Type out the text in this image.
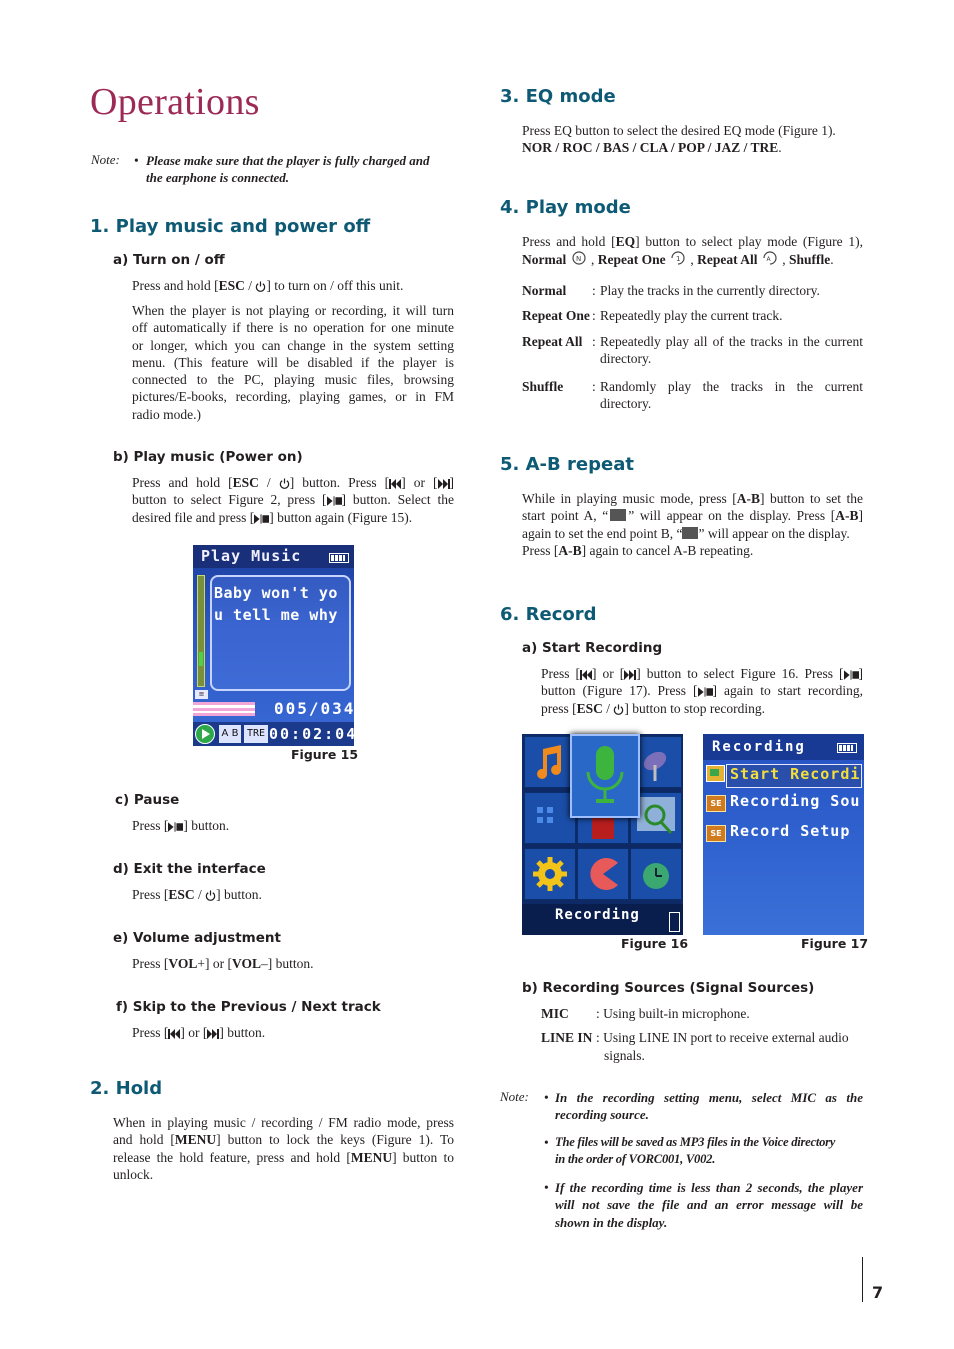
Operations
Note: • Please make sure that the player is fully charged and
the earphone is connected.
1. Play music and power off
a) Turn on / off
Press and hold [ESC / ] to turn on / off this unit.
When the player is not playing or recording, it will turn
off automatically if there is no operation for one minute
or longer, which you can change in the system setting
menu. (This feature will be disabled if the player is
connected to the PC, playing music files, browsing
pictures/E-books, recording, playing games, or in FM
radio mode.)
b) Play music (Power on)
Press and hold [ESC / ] button. Press [ ] or [ ]
button to select Figure 2, press [ ] button. Select the
desired file and press [ ] button again (Figure 15).
Play Music
Baby won't yo
u tell me why
≡
005/034
A B TRE 00:02:04
Figure 15
c) Pause
Press [ ] button.
d) Exit the interface
Press [ESC / ] button.
e) Volume adjustment
Press [VOL+] or [VOL–] button.
f) Skip to the Previous / Next track
Press [ ] or [ ] button.
2. Hold
When in playing music / recording / FM radio mode, press
and hold [MENU] button to lock the keys (Figure 1). To
release the hold feature, press and hold [MENU] button to
unlock.
3. EQ mode
Press EQ button to select the desired EQ mode (Figure 1).
NOR / ROC / BAS / CLA / POP / JAZ / TRE.
4. Play mode
Press and hold [EQ] button to select play mode (Figure 1),
Normal N , Repeat One 1 , Repeat All A , Shuffle.
Normal : Play the tracks in the currently directory.
Repeat One : Repeatedly play the current track.
Repeat All : Repeatedly play all of the tracks in the current
directory.
Shuffle : Randomly play the tracks in the current
directory.
5. A-B repeat
While in playing music mode, press [A-B] button to set the
start point A, “ ” will appear on the display. Press [A-B]
again to set the end point B, “ ” will appear on the display.
Press [A-B] again to cancel A-B repeating.
6. Record
a) Start Recording
Press [ ] or [ ] button to select Figure 16. Press [ ]
button (Figure 17). Press [ ] again to start recording,
press [ESC / ] button to stop recording.
Recording
Figure 16
Recording
Start Recordi
SE Recording Sou
SE Record Setup
Figure 17
b) Recording Sources (Signal Sources)
MIC : Using built-in microphone.
LINE IN : Using LINE IN port to receive external audio
signals.
Note: • In the recording setting menu, select MIC as the
recording source.
• The files will be saved as MP3 files in the Voice directory
in the order of VORC001, V002.
• If the recording time is less than 2 seconds, the player
will not save the file and an error message will be
shown in the display.
7
